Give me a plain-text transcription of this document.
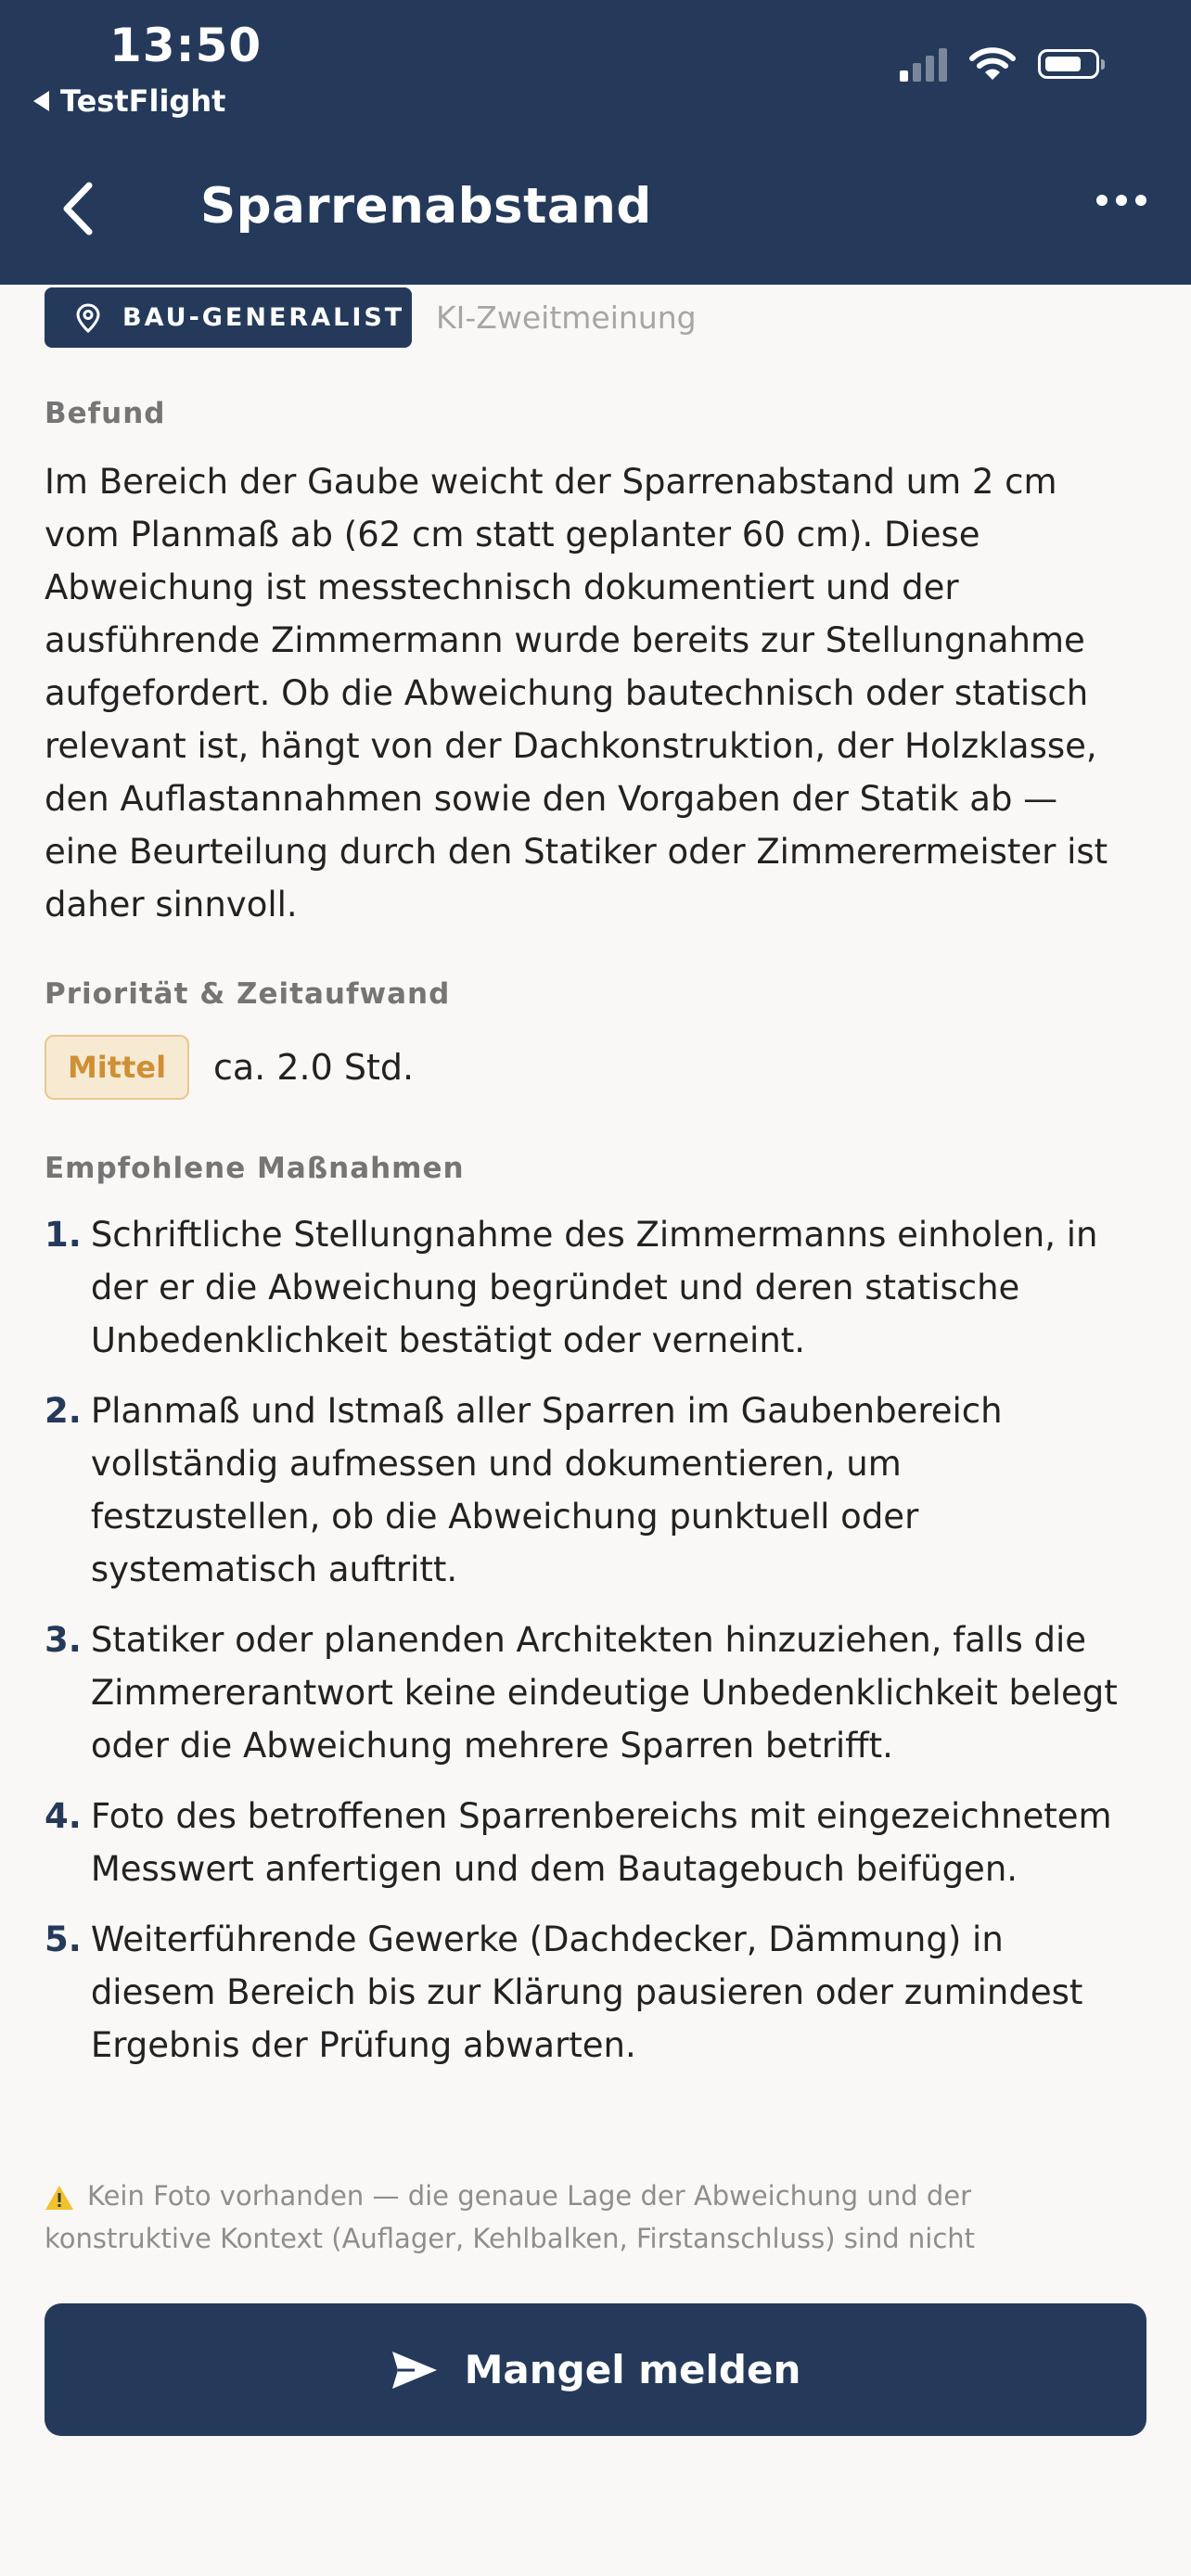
13:50
TestFlight
Sparrenabstand
BAU-GENERALIST KI-Zweitmeinung
Befund
Im Bereich der Gaube weicht der Sparrenabstand um 2 cm
vom Planmaß ab (62 cm statt geplanter 60 cm). Diese
Abweichung ist messtechnisch dokumentiert und der
ausführende Zimmermann wurde bereits zur Stellungnahme
aufgefordert. Ob die Abweichung bautechnisch oder statisch
relevant ist, hängt von der Dachkonstruktion, der Holzklasse,
den Auflastannahmen sowie den Vorgaben der Statik ab —
eine Beurteilung durch den Statiker oder Zimmerermeister ist
daher sinnvoll.
Priorität & Zeitaufwand
Mittel	ca. 2.0 Std.
Empfohlene Maßnahmen
1. Schriftliche Stellungnahme des Zimmermanns einholen, in
der er die Abweichung begründet und deren statische
Unbedenklichkeit bestätigt oder verneint.
2. Planmaß und Istmaß aller Sparren im Gaubenbereich
vollständig aufmessen und dokumentieren, um
festzustellen, ob die Abweichung punktuell oder
systematisch auftritt.
3. Statiker oder planenden Architekten hinzuziehen, falls die
Zimmererantwort keine eindeutige Unbedenklichkeit belegt
oder die Abweichung mehrere Sparren betrifft.
4. Foto des betroffenen Sparrenbereichs mit eingezeichnetem
Messwert anfertigen und dem Bautagebuch beifügen.
5. Weiterführende Gewerke (Dachdecker, Dämmung) in
diesem Bereich bis zur Klärung pausieren oder zumindest
Ergebnis der Prüfung abwarten.
Kein Foto vorhanden — die genaue Lage der Abweichung und der
konstruktive Kontext (Auflager, Kehlbalken, Firstanschluss) sind nicht
Mangel melden
